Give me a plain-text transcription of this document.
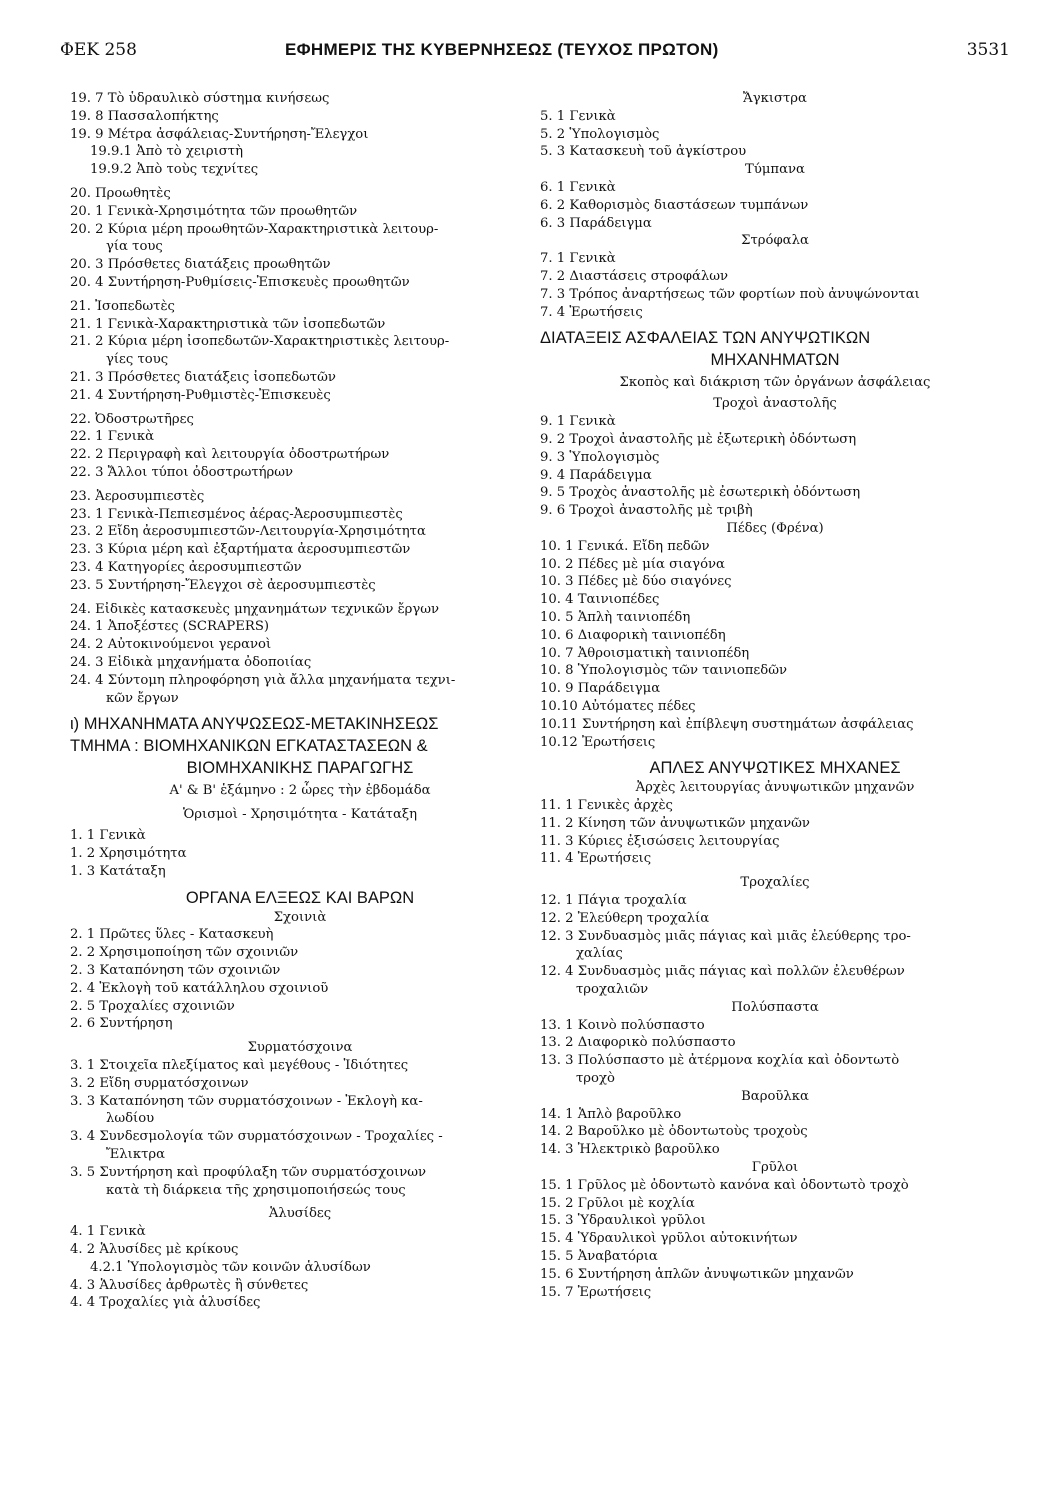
ΦΕΚ 258	ΕΦΗΜΕΡΙΣ ΤΗΣ ΚΥΒΕΡΝΗΣΕΩΣ (ΤΕΥΧΟΣ ΠΡΩΤΟΝ)	3531
19. 7 Τὸ ὑδραυλικὸ σύστημα κινήσεως
19. 8 Πασσαλοπήκτης
19. 9 Μέτρα ἀσφάλειας-Συντήρηση-Ἔλεγχοι
19.9.1 Ἀπὸ τὸ χειριστὴ
19.9.2 Ἀπὸ τοὺς τεχνίτες
20. Προωθητὲς
20. 1 Γενικὰ-Χρησιμότητα τῶν προωθητῶν
20. 2 Κύρια μέρη προωθητῶν-Χαρακτηριστικὰ λειτουρ-
γία τους
20. 3 Πρόσθετες διατάξεις προωθητῶν
20. 4 Συντήρηση-Ρυθμίσεις-Ἐπισκευὲς προωθητῶν
21. Ἰσοπεδωτὲς
21. 1 Γενικὰ-Χαρακτηριστικὰ τῶν ἰσοπεδωτῶν
21. 2 Κύρια μέρη ἰσοπεδωτῶν-Χαρακτηριστικὲς λειτουρ-
γίες τους
21. 3 Πρόσθετες διατάξεις ἰσοπεδωτῶν
21. 4 Συντήρηση-Ρυθμιστὲς-Ἐπισκευὲς
22. Ὀδοστρωτῆρες
22. 1 Γενικὰ
22. 2 Περιγραφὴ καὶ λειτουργία ὀδοστρωτήρων
22. 3 Ἄλλοι τύποι ὀδοστρωτήρων
23. Ἀεροσυμπιεστὲς
23. 1 Γενικὰ-Πεπιεσμένος ἀέρας-Ἀεροσυμπιεστὲς
23. 2 Εἴδη ἀεροσυμπιεστῶν-Λειτουργία-Χρησιμότητα
23. 3 Κύρια μέρη καὶ ἐξαρτήματα ἀεροσυμπιεστῶν
23. 4 Κατηγορίες ἀεροσυμπιεστῶν
23. 5 Συντήρηση-Ἔλεγχοι σὲ ἀεροσυμπιεστὲς
24. Εἰδικὲς κατασκευὲς μηχανημάτων τεχνικῶν ἔργων
24. 1 Ἀποξέστες (SCRAPERS)
24. 2 Αὐτοκινούμενοι γερανοὶ
24. 3 Εἰδικὰ μηχανήματα ὀδοποιίας
24. 4 Σύντομη πληροφόρηση γιὰ ἄλλα μηχανήματα τεχνι-
κῶν ἔργων
ι) ΜΗΧΑΝΗΜΑΤΑ ΑΝΥΨΩΣΕΩΣ-ΜΕΤΑΚΙΝΗΣΕΩΣ
ΤΜΗΜΑ : ΒΙΟΜΗΧΑΝΙΚΩΝ ΕΓΚΑΤΑΣΤΑΣΕΩΝ &
ΒΙΟΜΗΧΑΝΙΚΗΣ ΠΑΡΑΓΩΓΗΣ
Α' & Β' ἑξάμηνο : 2 ὧρες τὴν ἑβδομάδα
Ὁρισμοὶ - Χρησιμότητα - Κατάταξη
1. 1 Γενικὰ
1. 2 Χρησιμότητα
1. 3 Κατάταξη
ΟΡΓΑΝΑ ΕΛΞΕΩΣ ΚΑΙ ΒΑΡΩΝ
Σχοινιὰ
2. 1 Πρῶτες ὕλες - Κατασκευὴ
2. 2 Χρησιμοποίηση τῶν σχοινιῶν
2. 3 Καταπόνηση τῶν σχοινιῶν
2. 4 Ἐκλογὴ τοῦ κατάλληλου σχοινιοῦ
2. 5 Τροχαλίες σχοινιῶν
2. 6 Συντήρηση
Συρματόσχοινα
3. 1 Στοιχεῖα πλεξίματος καὶ μεγέθους - Ἰδιότητες
3. 2 Εἴδη συρματόσχοινων
3. 3 Καταπόνηση τῶν συρματόσχοινων - Ἐκλογὴ κα-
λωδίου
3. 4 Συνδεσμολογία τῶν συρματόσχοινων - Τροχαλίες -
Ἔλικτρα
3. 5 Συντήρηση καὶ προφύλαξη τῶν συρματόσχοινων
κατὰ τὴ διάρκεια τῆς χρησιμοποιήσεώς τους
Ἁλυσίδες
4. 1 Γενικὰ
4. 2 Ἁλυσίδες μὲ κρίκους
4.2.1 Ὑπολογισμὸς τῶν κοινῶν ἁλυσίδων
4. 3 Ἁλυσίδες ἀρθρωτὲς ἢ σύνθετες
4. 4 Τροχαλίες γιὰ ἁλυσίδες
Ἄγκιστρα
5. 1 Γενικὰ
5. 2 Ὑπολογισμὸς
5. 3 Κατασκευὴ τοῦ ἀγκίστρου
Τύμπανα
6. 1 Γενικὰ
6. 2 Καθορισμὸς διαστάσεων τυμπάνων
6. 3 Παράδειγμα
Στρόφαλα
7. 1 Γενικὰ
7. 2 Διαστάσεις στροφάλων
7. 3 Τρόπος ἀναρτήσεως τῶν φορτίων ποὺ ἀνυψώνονται
7. 4 Ἐρωτήσεις
ΔΙΑΤΑΞΕΙΣ ΑΣΦΑΛΕΙΑΣ ΤΩΝ ΑΝΥΨΩΤΙΚΩΝ
ΜΗΧΑΝΗΜΑΤΩΝ
Σκοπὸς καὶ διάκριση τῶν ὀργάνων ἀσφάλειας
Τροχοὶ ἀναστολῆς
9. 1 Γενικὰ
9. 2 Τροχοὶ ἀναστολῆς μὲ ἐξωτερικὴ ὀδόντωση
9. 3 Ὑπολογισμὸς
9. 4 Παράδειγμα
9. 5 Τροχὸς ἀναστολῆς μὲ ἐσωτερικὴ ὀδόντωση
9. 6 Τροχοὶ ἀναστολῆς μὲ τριβὴ
Πέδες (Φρένα)
10. 1 Γενικά. Εἴδη πεδῶν
10. 2 Πέδες μὲ μία σιαγόνα
10. 3 Πέδες μὲ δύο σιαγόνες
10. 4 Ταινιοπέδες
10. 5 Ἁπλὴ ταινιοπέδη
10. 6 Διαφορικὴ ταινιοπέδη
10. 7 Ἀθροισματικὴ ταινιοπέδη
10. 8 Ὑπολογισμὸς τῶν ταινιοπεδῶν
10. 9 Παράδειγμα
10.10 Αὐτόματες πέδες
10.11 Συντήρηση καὶ ἐπίβλεψη συστημάτων ἀσφάλειας
10.12 Ἐρωτήσεις
ΑΠΛΕΣ ΑΝΥΨΩΤΙΚΕΣ ΜΗΧΑΝΕΣ
Ἀρχὲς λειτουργίας ἀνυψωτικῶν μηχανῶν
11. 1 Γενικὲς ἀρχὲς
11. 2 Κίνηση τῶν ἀνυψωτικῶν μηχανῶν
11. 3 Κύριες ἐξισώσεις λειτουργίας
11. 4 Ἐρωτήσεις
Τροχαλίες
12. 1 Πάγια τροχαλία
12. 2 Ἐλεύθερη τροχαλία
12. 3 Συνδυασμὸς μιᾶς πάγιας καὶ μιᾶς ἐλεύθερης τρο-
χαλίας
12. 4 Συνδυασμὸς μιᾶς πάγιας καὶ πολλῶν ἐλευθέρων
τροχαλιῶν
Πολύσπαστα
13. 1 Κοινὸ πολύσπαστο
13. 2 Διαφορικὸ πολύσπαστο
13. 3 Πολύσπαστο μὲ ἀτέρμονα κοχλία καὶ ὀδοντωτὸ
τροχὸ
Βαροῦλκα
14. 1 Ἁπλὸ βαροῦλκο
14. 2 Βαροῦλκο μὲ ὀδοντωτοὺς τροχοὺς
14. 3 Ἠλεκτρικὸ βαροῦλκο
Γρῦλοι
15. 1 Γρῦλος μὲ ὀδοντωτὸ κανόνα καὶ ὀδοντωτὸ τροχὸ
15. 2 Γρῦλοι μὲ κοχλία
15. 3 Ὑδραυλικοὶ γρῦλοι
15. 4 Ὑδραυλικοὶ γρῦλοι αὐτοκινήτων
15. 5 Ἀναβατόρια
15. 6 Συντήρηση ἁπλῶν ἀνυψωτικῶν μηχανῶν
15. 7 Ἐρωτήσεις
